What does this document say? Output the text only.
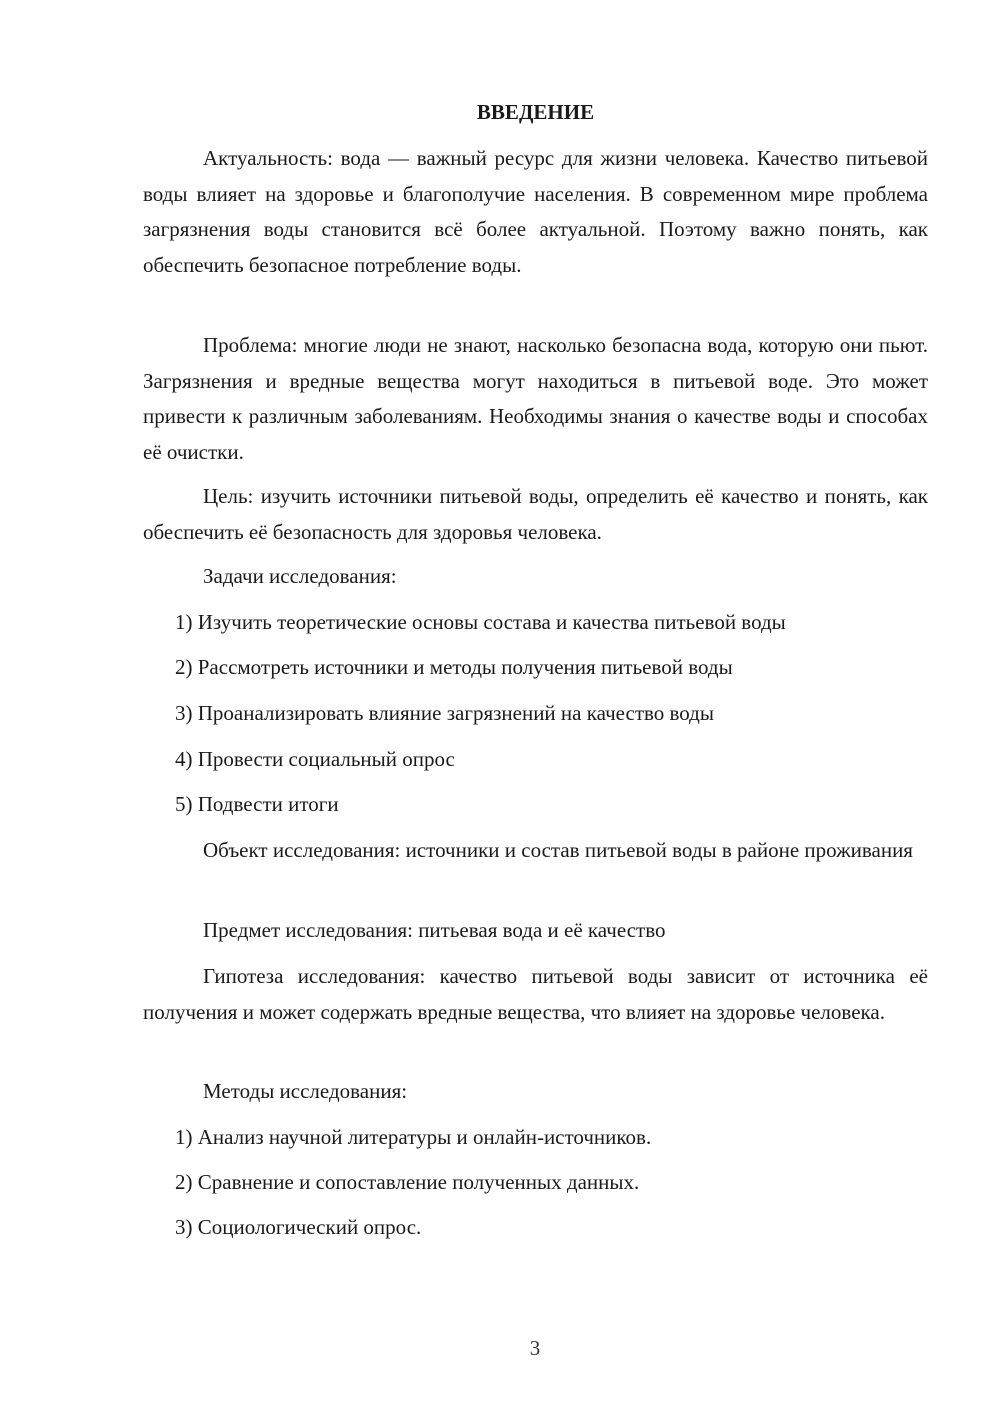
ВВЕДЕНИЕ

Актуальность: вода — важный ресурс для жизни человека. Качество питьевой воды влияет на здоровье и благополучие населения. В современном мире проблема загрязнения воды становится всё более актуальной. Поэтому важно понять, как обеспечить безопасное потребление воды.

Проблема: многие люди не знают, насколько безопасна вода, которую они пьют. Загрязнения и вредные вещества могут находиться в питьевой воде. Это может привести к различным заболеваниям. Необходимы знания о качестве воды и способах её очистки.

Цель: изучить источники питьевой воды, определить её качество и понять, как обеспечить её безопасность для здоровья человека.

Задачи исследования:

1) Изучить теоретические основы состава и качества питьевой воды

2) Рассмотреть источники и методы получения питьевой воды

3) Проанализировать влияние загрязнений на качество воды

4) Провести социальный опрос

5) Подвести итоги

Объект исследования: источники и состав питьевой воды в районе проживания

Предмет исследования: питьевая вода и её качество

Гипотеза исследования: качество питьевой воды зависит от источника её получения и может содержать вредные вещества, что влияет на здоровье человека.

Методы исследования:

1) Анализ научной литературы и онлайн-источников.

2) Сравнение и сопоставление полученных данных.

3) Социологический опрос.

3
